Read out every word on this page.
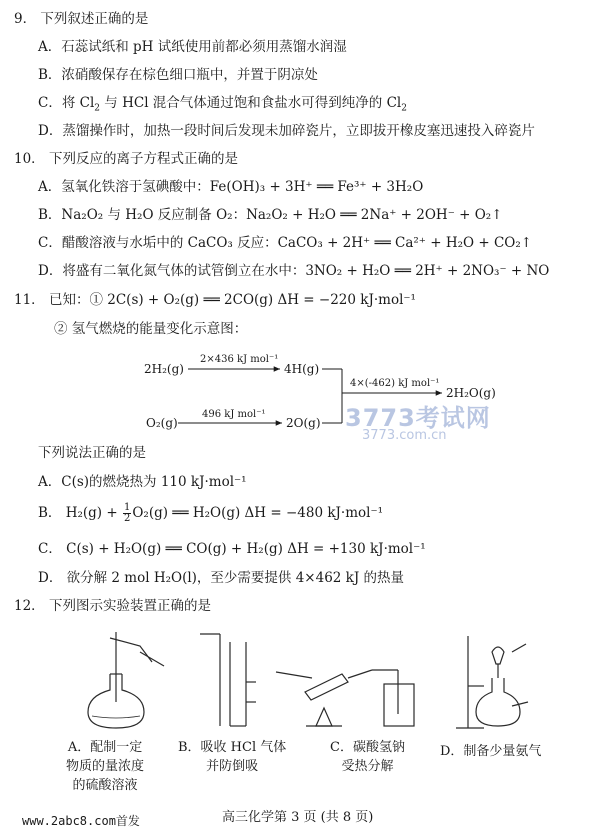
9． 下列叙述正确的是
A．石蕊试纸和 pH 试纸使用前都必须用蒸馏水润湿
B．浓硝酸保存在棕色细口瓶中，并置于阴凉处
C．将 $Cl_2$ 与 HCl 混合气体通过饱和食盐水可得到纯净的 $Cl_2$
D．蒸馏操作时，加热一段时间后发现未加碎瓷片，立即拔开橡皮塞迅速投入碎瓷片
10． 下列反应的离子方程式正确的是
A．氢氧化铁溶于氢碘酸中：Fe(OH)₃ + 3H⁺ ══ Fe³⁺ + 3H₂O
B．Na₂O₂ 与 H₂O 反应制备 O₂：Na₂O₂ + H₂O ══ 2Na⁺ + 2OH⁻ + O₂↑
C．醋酸溶液与水垢中的 CaCO₃ 反应：CaCO₃ + 2H⁺ ══ Ca²⁺ + H₂O + CO₂↑
D．将盛有二氧化氮气体的试管倒立在水中：3NO₂ + H₂O ══ 2H⁺ + 2NO₃⁻ + NO
11． 已知：① 2C(s) + O₂(g) ══ 2CO(g) ΔH = −220 kJ·mol⁻¹
② 氢气燃烧的能量变化示意图：
2H₂(g)
2×436 kJ mol⁻¹
4H(g)
O₂(g)
496 kJ mol⁻¹
2O(g)
4×(-462) kJ mol⁻¹
2H₂O(g)
3773考试网
3773.com.cn
下列说法正确的是
A．C(s)的燃烧热为 110 kJ·mol⁻¹
B． $H_2(g) + \frac{1}{2} O_2(g)$ ══ H₂O(g) ΔH = −480 kJ·mol⁻¹
C． C(s) + H₂O(g) ══ CO(g) + H₂(g) ΔH = +130 kJ·mol⁻¹
D． 欲分解 2 mol H₂O(l)，至少需要提供 4×462 kJ 的热量
12． 下列图示实验装置正确的是
A．配制一定
物质的量浓度
的硫酸溶液
B．吸收 HCl 气体
并防倒吸
C．碳酸氢钠
受热分解
D．制备少量氨气
www.2abc8.com首发	高三化学第 3 页 (共 8 页)
